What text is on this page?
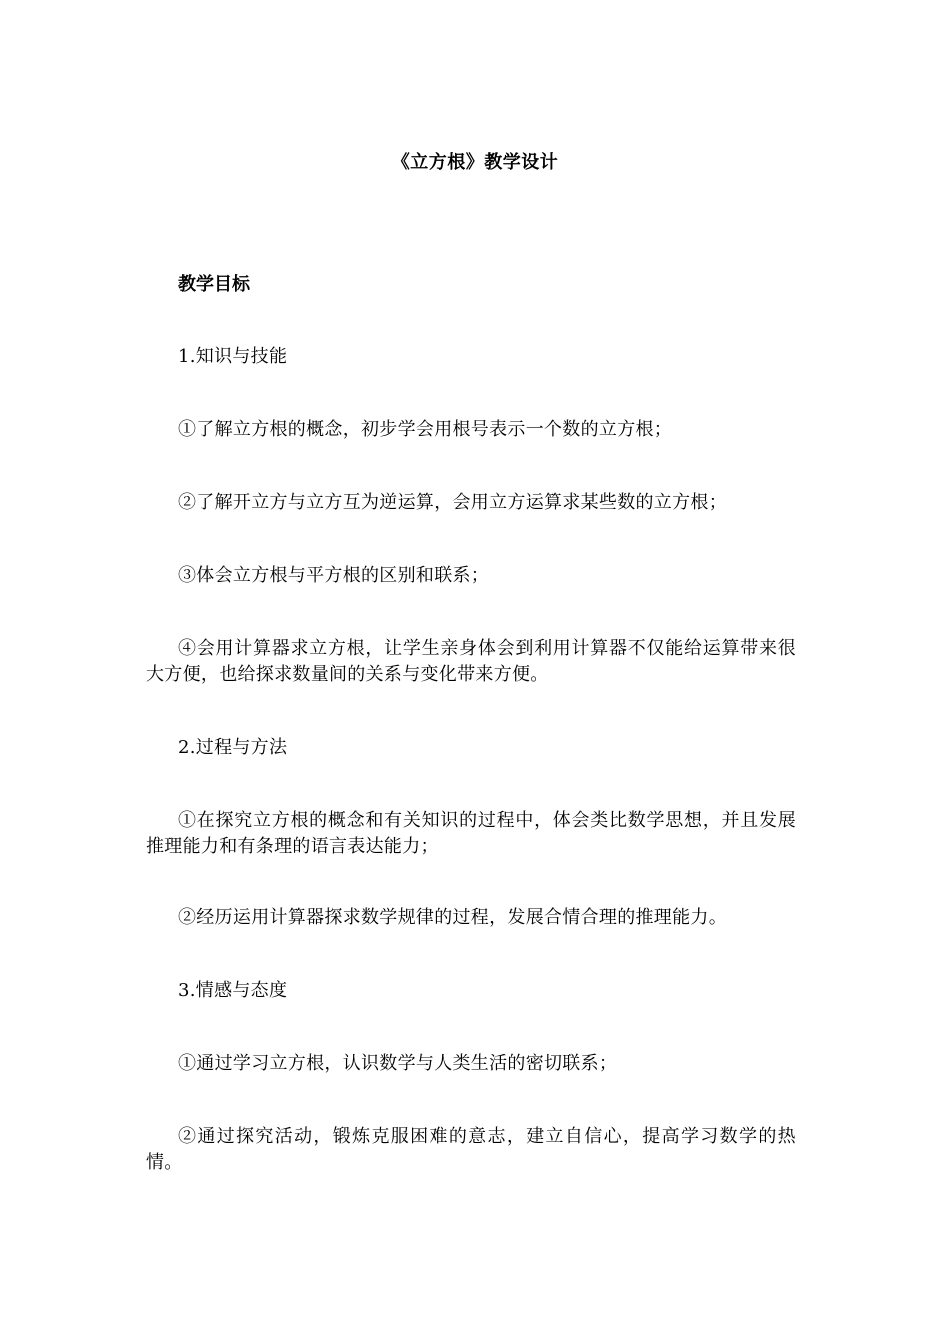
《立方根》教学设计
教学目标
1.知识与技能
①了解立方根的概念，初步学会用根号表示一个数的立方根；
②了解开立方与立方互为逆运算，会用立方运算求某些数的立方根；
③体会立方根与平方根的区别和联系；
④会用计算器求立方根，让学生亲身体会到利用计算器不仅能给运算带来很大方便，也给探求数量间的关系与变化带来方便。
2.过程与方法
①在探究立方根的概念和有关知识的过程中，体会类比数学思想，并且发展推理能力和有条理的语言表达能力；
②经历运用计算器探求数学规律的过程，发展合情合理的推理能力。
3.情感与态度
①通过学习立方根，认识数学与人类生活的密切联系；
②通过探究活动，锻炼克服困难的意志，建立自信心，提高学习数学的热情。
